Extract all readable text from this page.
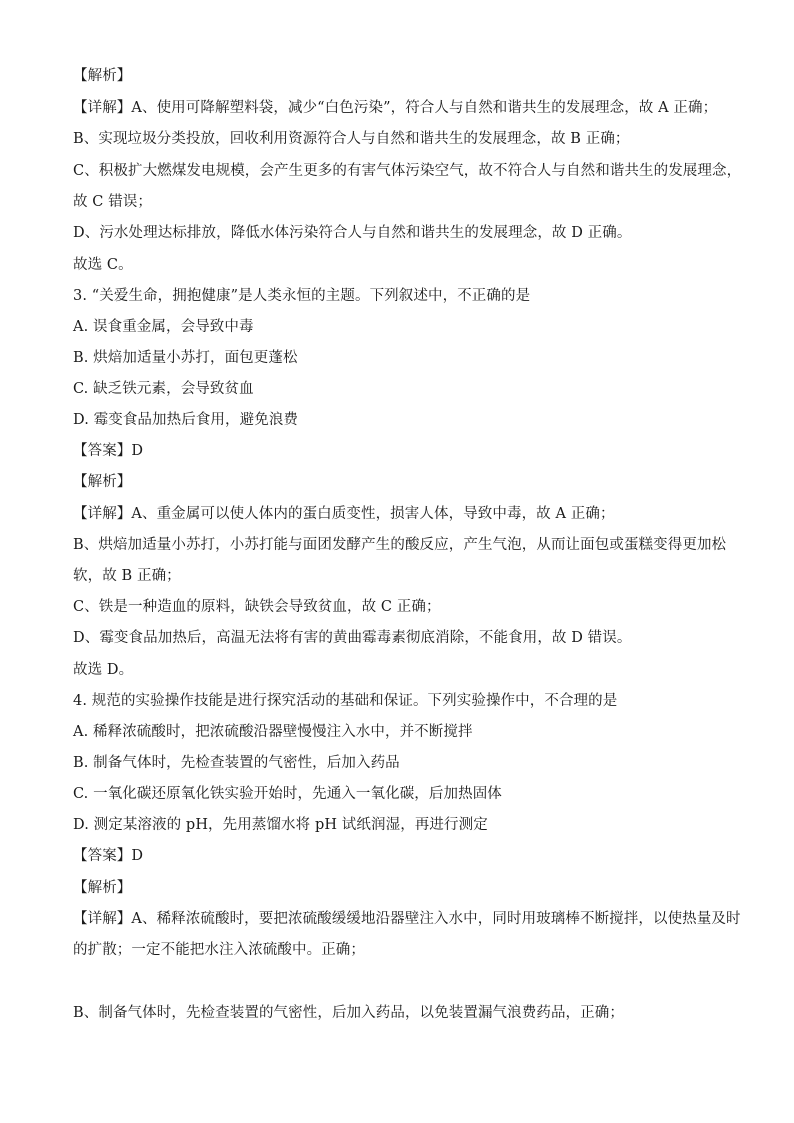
【解析】
【详解】A、使用可降解塑料袋，减少“白色污染”，符合人与自然和谐共生的发展理念，故 A 正确；
B、实现垃圾分类投放，回收利用资源符合人与自然和谐共生的发展理念，故 B 正确；
C、积极扩大燃煤发电规模，会产生更多的有害气体污染空气，故不符合人与自然和谐共生的发展理念，
故 C 错误；
D、污水处理达标排放，降低水体污染符合人与自然和谐共生的发展理念，故 D 正确。
故选 C。
3. “关爱生命，拥抱健康”是人类永恒的主题。下列叙述中，不正确的是
A. 误食重金属，会导致中毒
B. 烘焙加适量小苏打，面包更蓬松
C. 缺乏铁元素，会导致贫血
D. 霉变食品加热后食用，避免浪费
【答案】D
【解析】
【详解】A、重金属可以使人体内的蛋白质变性，损害人体，导致中毒，故 A 正确；
B、烘焙加适量小苏打，小苏打能与面团发酵产生的酸反应，产生气泡，从而让面包或蛋糕变得更加松
软，故 B 正确；
C、铁是一种造血的原料，缺铁会导致贫血，故 C 正确；
D、霉变食品加热后，高温无法将有害的黄曲霉毒素彻底消除，不能食用，故 D 错误。
故选 D。
4. 规范的实验操作技能是进行探究活动的基础和保证。下列实验操作中，不合理的是
A. 稀释浓硫酸时，把浓硫酸沿器壁慢慢注入水中，并不断搅拌
B. 制备气体时，先检查装置的气密性，后加入药品
C. 一氧化碳还原氧化铁实验开始时，先通入一氧化碳，后加热固体
D. 测定某溶液的 pH，先用蒸馏水将 pH 试纸润湿，再进行测定
【答案】D
【解析】
【详解】A、稀释浓硫酸时，要把浓硫酸缓缓地沿器壁注入水中，同时用玻璃棒不断搅拌，以使热量及时
的扩散；一定不能把水注入浓硫酸中。正确；
B、制备气体时，先检查装置的气密性，后加入药品，以免装置漏气浪费药品，正确；
